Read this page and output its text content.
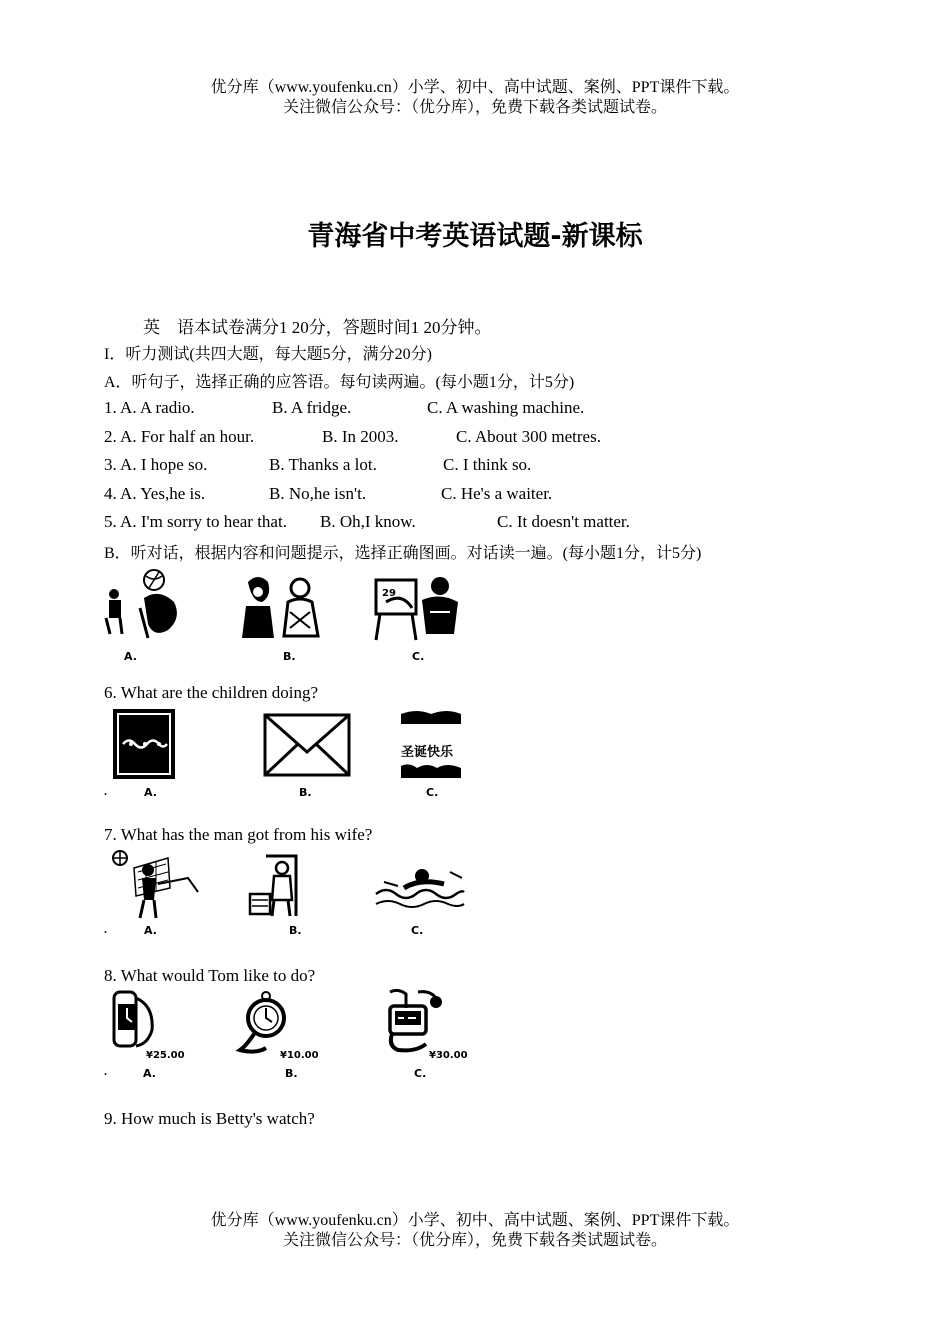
优分库（www.youfenku.cn）小学、初中、高中试题、案例、PPT课件下载。
关注微信公众号：（优分库），免费下载各类试题试卷。
青海省中考英语试题-新课标
英　语本试卷满分1 20分，答题时间1 20分钟。
I．听力测试(共四大题，每大题5分，满分20分)
A．听句子，选择正确的应答语。每句读两遍。(每小题1分，计5分)
1. A. A radio.	B. A fridge.	C. A washing machine.
2. A. For half an hour.	B. In 2003.	C. About 300 metres.
3. A. I hope so.	B. Thanks a lot.	C. I think so.
4. A. Yes,he is.	B. No,he isn't.	C. He's a waiter.
5. A. I'm sorry to hear that. B. Oh,I know.	C. It doesn't matter.
B．听对话，根据内容和问题提示，选择正确图画。对话读一遍。(每小题1分，计5分)
29
A.	B.	C.
6. What are the children doing?
圣诞快乐
.	A.	B.	C.
7. What has the man got from his wife?
.	A.	B.	C.
8. What would Tom like to do?
¥25.00	¥10.00	¥30.00
.	A.	B.	C.
9. How much is Betty's watch?
优分库（www.youfenku.cn）小学、初中、高中试题、案例、PPT课件下载。
关注微信公众号：（优分库），免费下载各类试题试卷。
